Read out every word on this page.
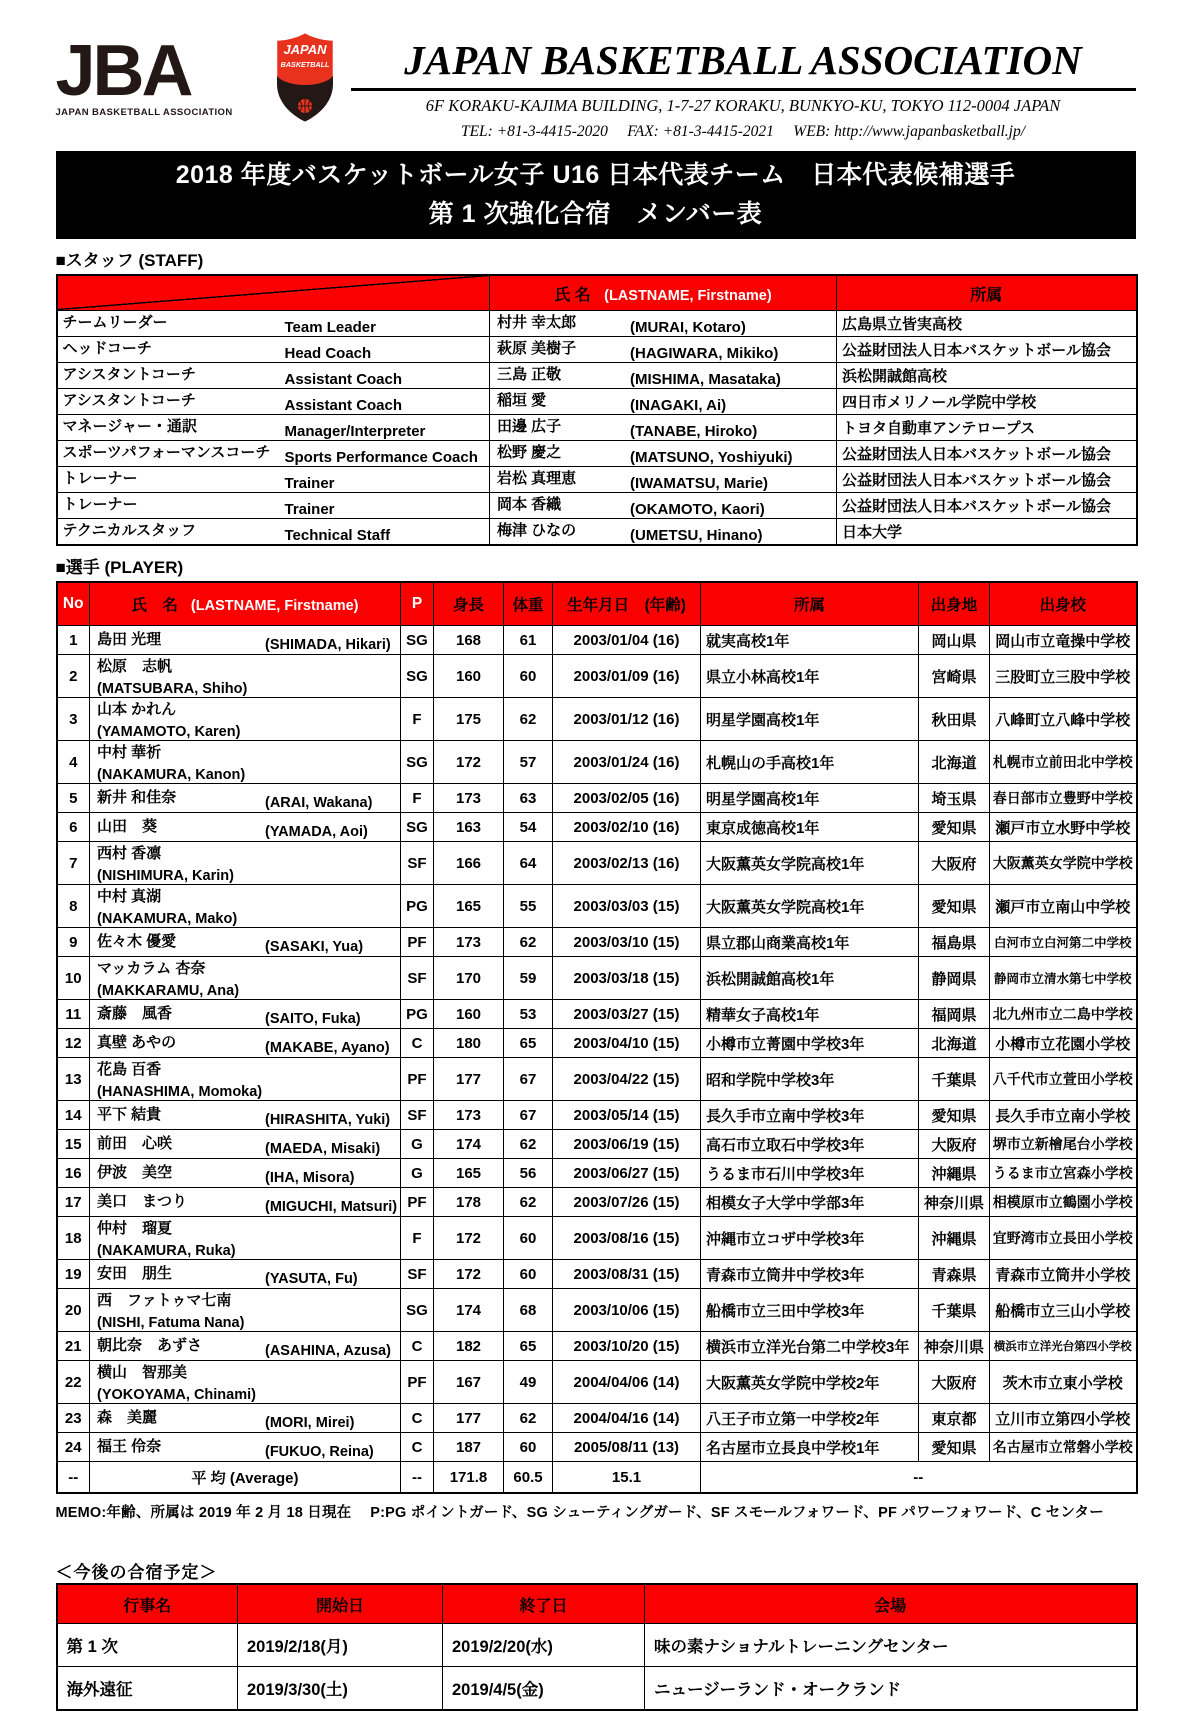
JBA
JAPAN BASKETBALL ASSOCIATION
JAPAN
BASKETBALL	JAPAN BASKETBALL ASSOCIATION
6F KORAKU-KAJIMA BUILDING, 1-7-27 KORAKU, BUNKYO-KU, TOKYO 112-0004 JAPAN
TEL: +81-3-4415-2020　 FAX: +81-3-4415-2021　 WEB: http://www.japanbasketball.jp/
2018 年度バスケットボール女子 U16 日本代表チーム　日本代表候補選手
第 1 次強化合宿　メンバー表
■スタッフ (STAFF)
	氏 名 (LASTNAME, Firstname)	所属
チームリーダー Team Leader	村井 幸太郎 (MURAI, Kotaro)	広島県立皆実高校

ヘッドコーチ Head Coach	萩原 美樹子 (HAGIWARA, Mikiko)	公益財団法人日本バスケットボール協会

アシスタントコーチ Assistant Coach	三島 正敬 (MISHIMA, Masataka)	浜松開誠館高校

アシスタントコーチ Assistant Coach	稲垣 愛 (INAGAKI, Ai)	四日市メリノール学院中学校

マネージャー・通訳 Manager/Interpreter	田邊 広子 (TANABE, Hiroko)	トヨタ自動車アンテロープス

スポーツパフォーマンスコーチ Sports Performance Coach	松野 慶之 (MATSUNO, Yoshiyuki)	公益財団法人日本バスケットボール協会

トレーナー Trainer	岩松 真理恵 (IWAMATSU, Marie)	公益財団法人日本バスケットボール協会

トレーナー Trainer	岡本 香織 (OKAMOTO, Kaori)	公益財団法人日本バスケットボール協会

テクニカルスタッフ Technical Staff	梅津 ひなの (UMETSU, Hinano)	日本大学
■選手 (PLAYER)
No	氏　名 (LASTNAME, Firstname)	P	身長	体重	生年月日　(年齢)	所属	出身地	出身校
1	島田 光理 (SHIMADA, Hikari)	SG	168	61	2003/01/04 (16)	就実高校1年	岡山県	岡山市立竜操中学校

2	松原　志帆(MATSUBARA, Shiho)	SG	160	60	2003/01/09 (16)	県立小林高校1年	宮崎県	三股町立三股中学校

3	山本 かれん(YAMAMOTO, Karen)	F	175	62	2003/01/12 (16)	明星学園高校1年	秋田県	八峰町立八峰中学校

4	中村 華祈(NAKAMURA, Kanon)	SG	172	57	2003/01/24 (16)	札幌山の手高校1年	北海道	札幌市立前田北中学校

5	新井 和佳奈 (ARAI, Wakana)	F	173	63	2003/02/05 (16)	明星学園高校1年	埼玉県	春日部市立豊野中学校

6	山田　葵 (YAMADA, Aoi)	SG	163	54	2003/02/10 (16)	東京成徳高校1年	愛知県	瀬戸市立水野中学校

7	西村 香凛(NISHIMURA, Karin)	SF	166	64	2003/02/13 (16)	大阪薫英女学院高校1年	大阪府	大阪薫英女学院中学校

8	中村 真湖(NAKAMURA, Mako)	PG	165	55	2003/03/03 (15)	大阪薫英女学院高校1年	愛知県	瀬戸市立南山中学校

9	佐々木 優愛 (SASAKI, Yua)	PF	173	62	2003/03/10 (15)	県立郡山商業高校1年	福島県	白河市立白河第二中学校

10	マッカラム 杏奈(MAKKARAMU, Ana)	SF	170	59	2003/03/18 (15)	浜松開誠館高校1年	静岡県	静岡市立清水第七中学校

11	斎藤　風香 (SAITO, Fuka)	PG	160	53	2003/03/27 (15)	精華女子高校1年	福岡県	北九州市立二島中学校

12	真壁 あやの (MAKABE, Ayano)	C	180	65	2003/04/10 (15)	小樽市立菁園中学校3年	北海道	小樽市立花園小学校

13	花島 百香(HANASHIMA, Momoka)	PF	177	67	2003/04/22 (15)	昭和学院中学校3年	千葉県	八千代市立萱田小学校

14	平下 結貴 (HIRASHITA, Yuki)	SF	173	67	2003/05/14 (15)	長久手市立南中学校3年	愛知県	長久手市立南小学校

15	前田　心咲 (MAEDA, Misaki)	G	174	62	2003/06/19 (15)	高石市立取石中学校3年	大阪府	堺市立新檜尾台小学校

16	伊波　美空 (IHA, Misora)	G	165	56	2003/06/27 (15)	うるま市石川中学校3年	沖縄県	うるま市立宮森小学校

17	美口　まつり (MIGUCHI, Matsuri)	PF	178	62	2003/07/26 (15)	相模女子大学中学部3年	神奈川県	相模原市立鶴園小学校

18	仲村　瑠夏(NAKAMURA, Ruka)	F	172	60	2003/08/16 (15)	沖縄市立コザ中学校3年	沖縄県	宜野湾市立長田小学校

19	安田　朋生 (YASUTA, Fu)	SF	172	60	2003/08/31 (15)	青森市立筒井中学校3年	青森県	青森市立筒井小学校

20	西　ファトゥマ七南(NISHI, Fatuma Nana)	SG	174	68	2003/10/06 (15)	船橋市立三田中学校3年	千葉県	船橋市立三山小学校

21	朝比奈　あずさ (ASAHINA, Azusa)	C	182	65	2003/10/20 (15)	横浜市立洋光台第二中学校3年	神奈川県	横浜市立洋光台第四小学校

22	横山　智那美(YOKOYAMA, Chinami)	PF	167	49	2004/04/06 (14)	大阪薫英女学院中学校2年	大阪府	茨木市立東小学校

23	森　美麗 (MORI, Mirei)	C	177	62	2004/04/16 (14)	八王子市立第一中学校2年	東京都	立川市立第四小学校

24	福王 伶奈 (FUKUO, Reina)	C	187	60	2005/08/11 (13)	名古屋市立長良中学校1年	愛知県	名古屋市立常磐小学校

--	平 均 (Average)	--	171.8	60.5	15.1	--		
MEMO:年齢、所属は 2019 年 2 月 18 日現在　 P:PG ポイントガード、SG シューティングガード、SF スモールフォワード、PF パワーフォワード、C センター
＜今後の合宿予定＞
行事名	開始日	終了日	会場
第 1 次	2019/2/18(月)	2019/2/20(水)	味の素ナショナルトレーニングセンター
海外遠征	2019/3/30(土)	2019/4/5(金)	ニュージーランド・オークランド
